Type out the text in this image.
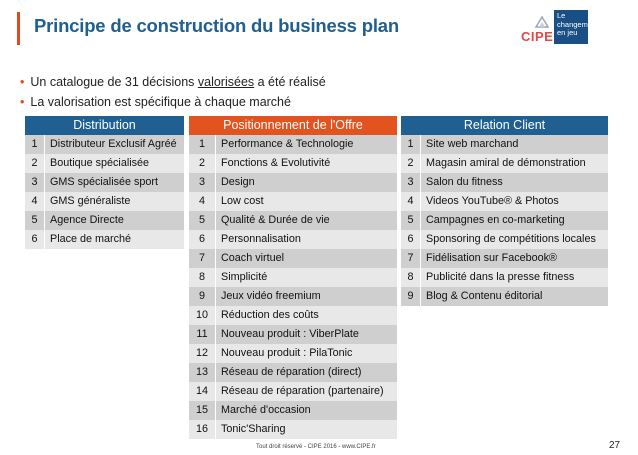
Principe de construction du business plan
CIPE
Le
changement
en jeu
• Un catalogue de 31 décisions valorisées a été réalisé
• La valorisation est spécifique à chaque marché
Distribution
1	Distributeur Exclusif Agréé
2	Boutique spécialisée
3	GMS spécialisée sport
4	GMS généraliste
5	Agence Directe
6	Place de marché
Positionnement de l'Offre
1	Performance & Technologie
2	Fonctions & Evolutivité
3	Design
4	Low cost
5	Qualité & Durée de vie
6	Personnalisation
7	Coach virtuel
8	Simplicité
9	Jeux vidéo freemium
10	Réduction des coûts
11	Nouveau produit : ViberPlate
12	Nouveau produit : PilaTonic
13	Réseau de réparation (direct)
14	Réseau de réparation (partenaire)
15	Marché d'occasion
16	Tonic'Sharing
Relation Client
1	Site web marchand
2	Magasin amiral de démonstration
3	Salon du fitness
4	Videos YouTube® & Photos
5	Campagnes en co-marketing
6	Sponsoring de compétitions locales
7	Fidélisation sur Facebook®
8	Publicité dans la presse fitness
9	Blog & Contenu éditorial
Tout droit réservé - CIPE 2016 - www.CIPE.fr	27
